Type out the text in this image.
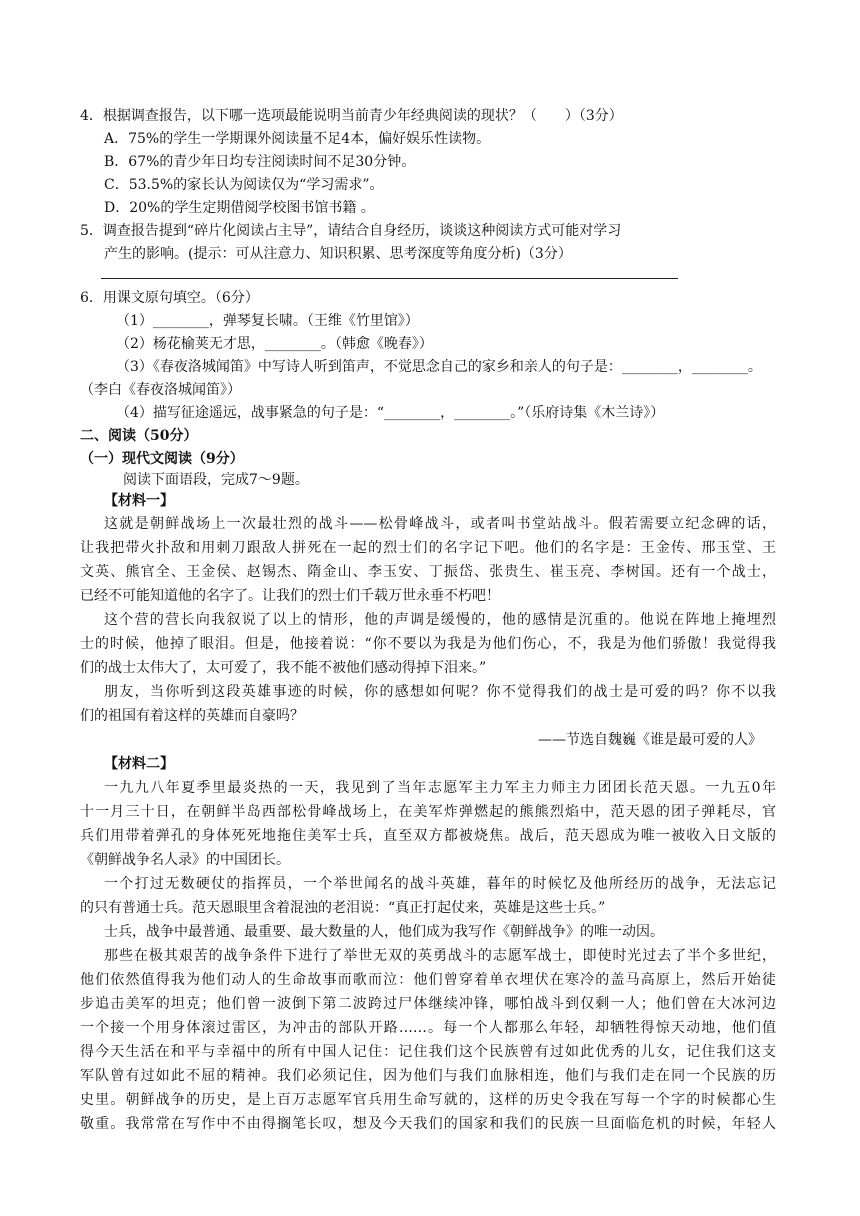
4．根据调查报告，以下哪一选项最能说明当前青少年经典阅读的现状？（　　）（3分）
A．75%的学生一学期课外阅读量不足4本，偏好娱乐性读物。
B．67%的青少年日均专注阅读时间不足30分钟。
C．53.5%的家长认为阅读仅为“学习需求”。
D．20%的学生定期借阅学校图书馆书籍 。
5．调查报告提到“碎片化阅读占主导”，请结合自身经历，谈谈这种阅读方式可能对学习
产生的影响。(提示：可从注意力、知识积累、思考深度等角度分析)（3分）
6．用课文原句填空。（6分）
（1）________，弹琴复长啸。（王维《竹里馆》）
（2）杨花榆荚无才思，________。（韩愈《晚春》）
（3）《春夜洛城闻笛》中写诗人听到笛声，不觉思念自己的家乡和亲人的句子是：________，________。
（李白《春夜洛城闻笛》）
（4）描写征途遥远，战事紧急的句子是：“________，________。”（乐府诗集《木兰诗》）
二、阅读（50分）
（一）现代文阅读（9分）
阅读下面语段，完成7～9题。
【材料一】
这就是朝鲜战场上一次最壮烈的战斗——松骨峰战斗，或者叫书堂站战斗。假若需要立纪念碑的话，
让我把带火扑敌和用刺刀跟敌人拼死在一起的烈士们的名字记下吧。他们的名字是：王金传、邢玉堂、王
文英、熊官全、王金侯、赵锡杰、隋金山、李玉安、丁振岱、张贵生、崔玉亮、李树国。还有一个战士，
已经不可能知道他的名字了。让我们的烈士们千载万世永垂不朽吧！
这个营的营长向我叙说了以上的情形，他的声调是缓慢的，他的感情是沉重的。他说在阵地上掩埋烈
士的时候，他掉了眼泪。但是，他接着说：“你不要以为我是为他们伤心，不，我是为他们骄傲！我觉得我
们的战士太伟大了，太可爱了，我不能不被他们感动得掉下泪来。”
朋友，当你听到这段英雄事迹的时候，你的感想如何呢？你不觉得我们的战士是可爱的吗？你不以我
们的祖国有着这样的英雄而自豪吗？
——节选自魏巍《谁是最可爱的人》
【材料二】
一九九八年夏季里最炎热的一天，我见到了当年志愿军主力军主力师主力团团长范天恩。一九五0年
十一月三十日，在朝鲜半岛西部松骨峰战场上，在美军炸弹燃起的熊熊烈焰中，范天恩的团子弹耗尽，官
兵们用带着弹孔的身体死死地拖住美军士兵，直至双方都被烧焦。战后，范天恩成为唯一被收入日文版的
《朝鲜战争名人录》的中国团长。
一个打过无数硬仗的指挥员，一个举世闻名的战斗英雄，暮年的时候忆及他所经历的战争，无法忘记
的只有普通士兵。范天恩眼里含着混浊的老泪说：“真正打起仗来，英雄是这些士兵。”
士兵，战争中最普通、最重要、最大数量的人，他们成为我写作《朝鲜战争》的唯一动因。
那些在极其艰苦的战争条件下进行了举世无双的英勇战斗的志愿军战士，即使时光过去了半个多世纪，
他们依然值得我为他们动人的生命故事而歌而泣：他们曾穿着单衣埋伏在寒冷的盖马高原上，然后开始徒
步追击美军的坦克；他们曾一波倒下第二波跨过尸体继续冲锋，哪怕战斗到仅剩一人；他们曾在大冰河边
一个接一个用身体滚过雷区，为冲击的部队开路……。每一个人都那么年轻，却牺牲得惊天动地，他们值
得今天生活在和平与幸福中的所有中国人记住：记住我们这个民族曾有过如此优秀的儿女，记住我们这支
军队曾有过如此不屈的精神。我们必须记住，因为他们与我们血脉相连，他们与我们走在同一个民族的历
史里。朝鲜战争的历史，是上百万志愿军官兵用生命写就的，这样的历史令我在写每一个字的时候都心生
敬重。我常常在写作中不由得搁笔长叹，想及今天我们的国家和我们的民族一旦面临危机的时候，年轻人
